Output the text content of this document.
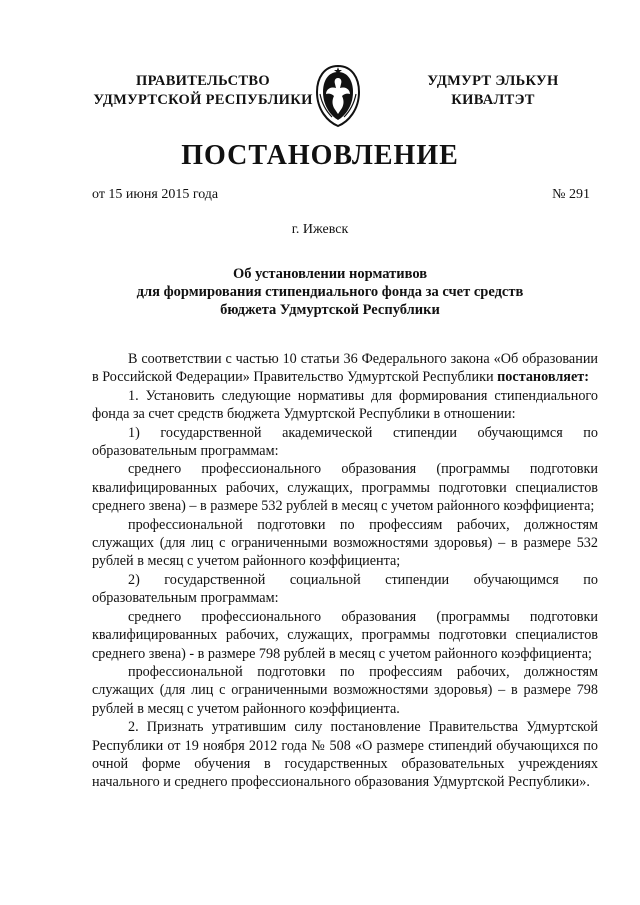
ПРАВИТЕЛЬСТВО
УДМУРТСКОЙ РЕСПУБЛИКИ
УДМУРТ ЭЛЬКУН
КИВАЛТЭТ
ПОСТАНОВЛЕНИЕ
от 15 июня 2015 года	№ 291
г. Ижевск
Об установлении нормативов
для формирования стипендиального фонда за счет средств
бюджета Удмуртской Республики

В соответствии с частью 10 статьи 36 Федерального закона «Об образовании в Российской Федерации» Правительство Удмуртской Республики постановляет:

1. Установить следующие нормативы для формирования стипендиального фонда за счет средств бюджета Удмуртской Республики в отношении:

1) государственной академической стипендии обучающимся по образовательным программам:

среднего профессионального образования (программы подготовки квалифицированных рабочих, служащих, программы подготовки специалистов среднего звена) – в размере 532 рублей в месяц с учетом районного коэффициента;

профессиональной подготовки по профессиям рабочих, должностям служащих (для лиц с ограниченными возможностями здоровья) – в размере 532 рублей в месяц с учетом районного коэффициента;

2) государственной социальной стипендии обучающимся по образовательным программам:

среднего профессионального образования (программы подготовки квалифицированных рабочих, служащих, программы подготовки специалистов среднего звена) - в размере 798 рублей в месяц с учетом районного коэффициента;

профессиональной подготовки по профессиям рабочих, должностям служащих (для лиц с ограниченными возможностями здоровья) – в размере 798 рублей в месяц с учетом районного коэффициента.

2. Признать утратившим силу постановление Правительства Удмуртской Республики от 19 ноября 2012 года № 508 «О размере стипендий обучающихся по очной форме обучения в государственных образовательных учреждениях начального и среднего профессионального образования Удмуртской Республики».
